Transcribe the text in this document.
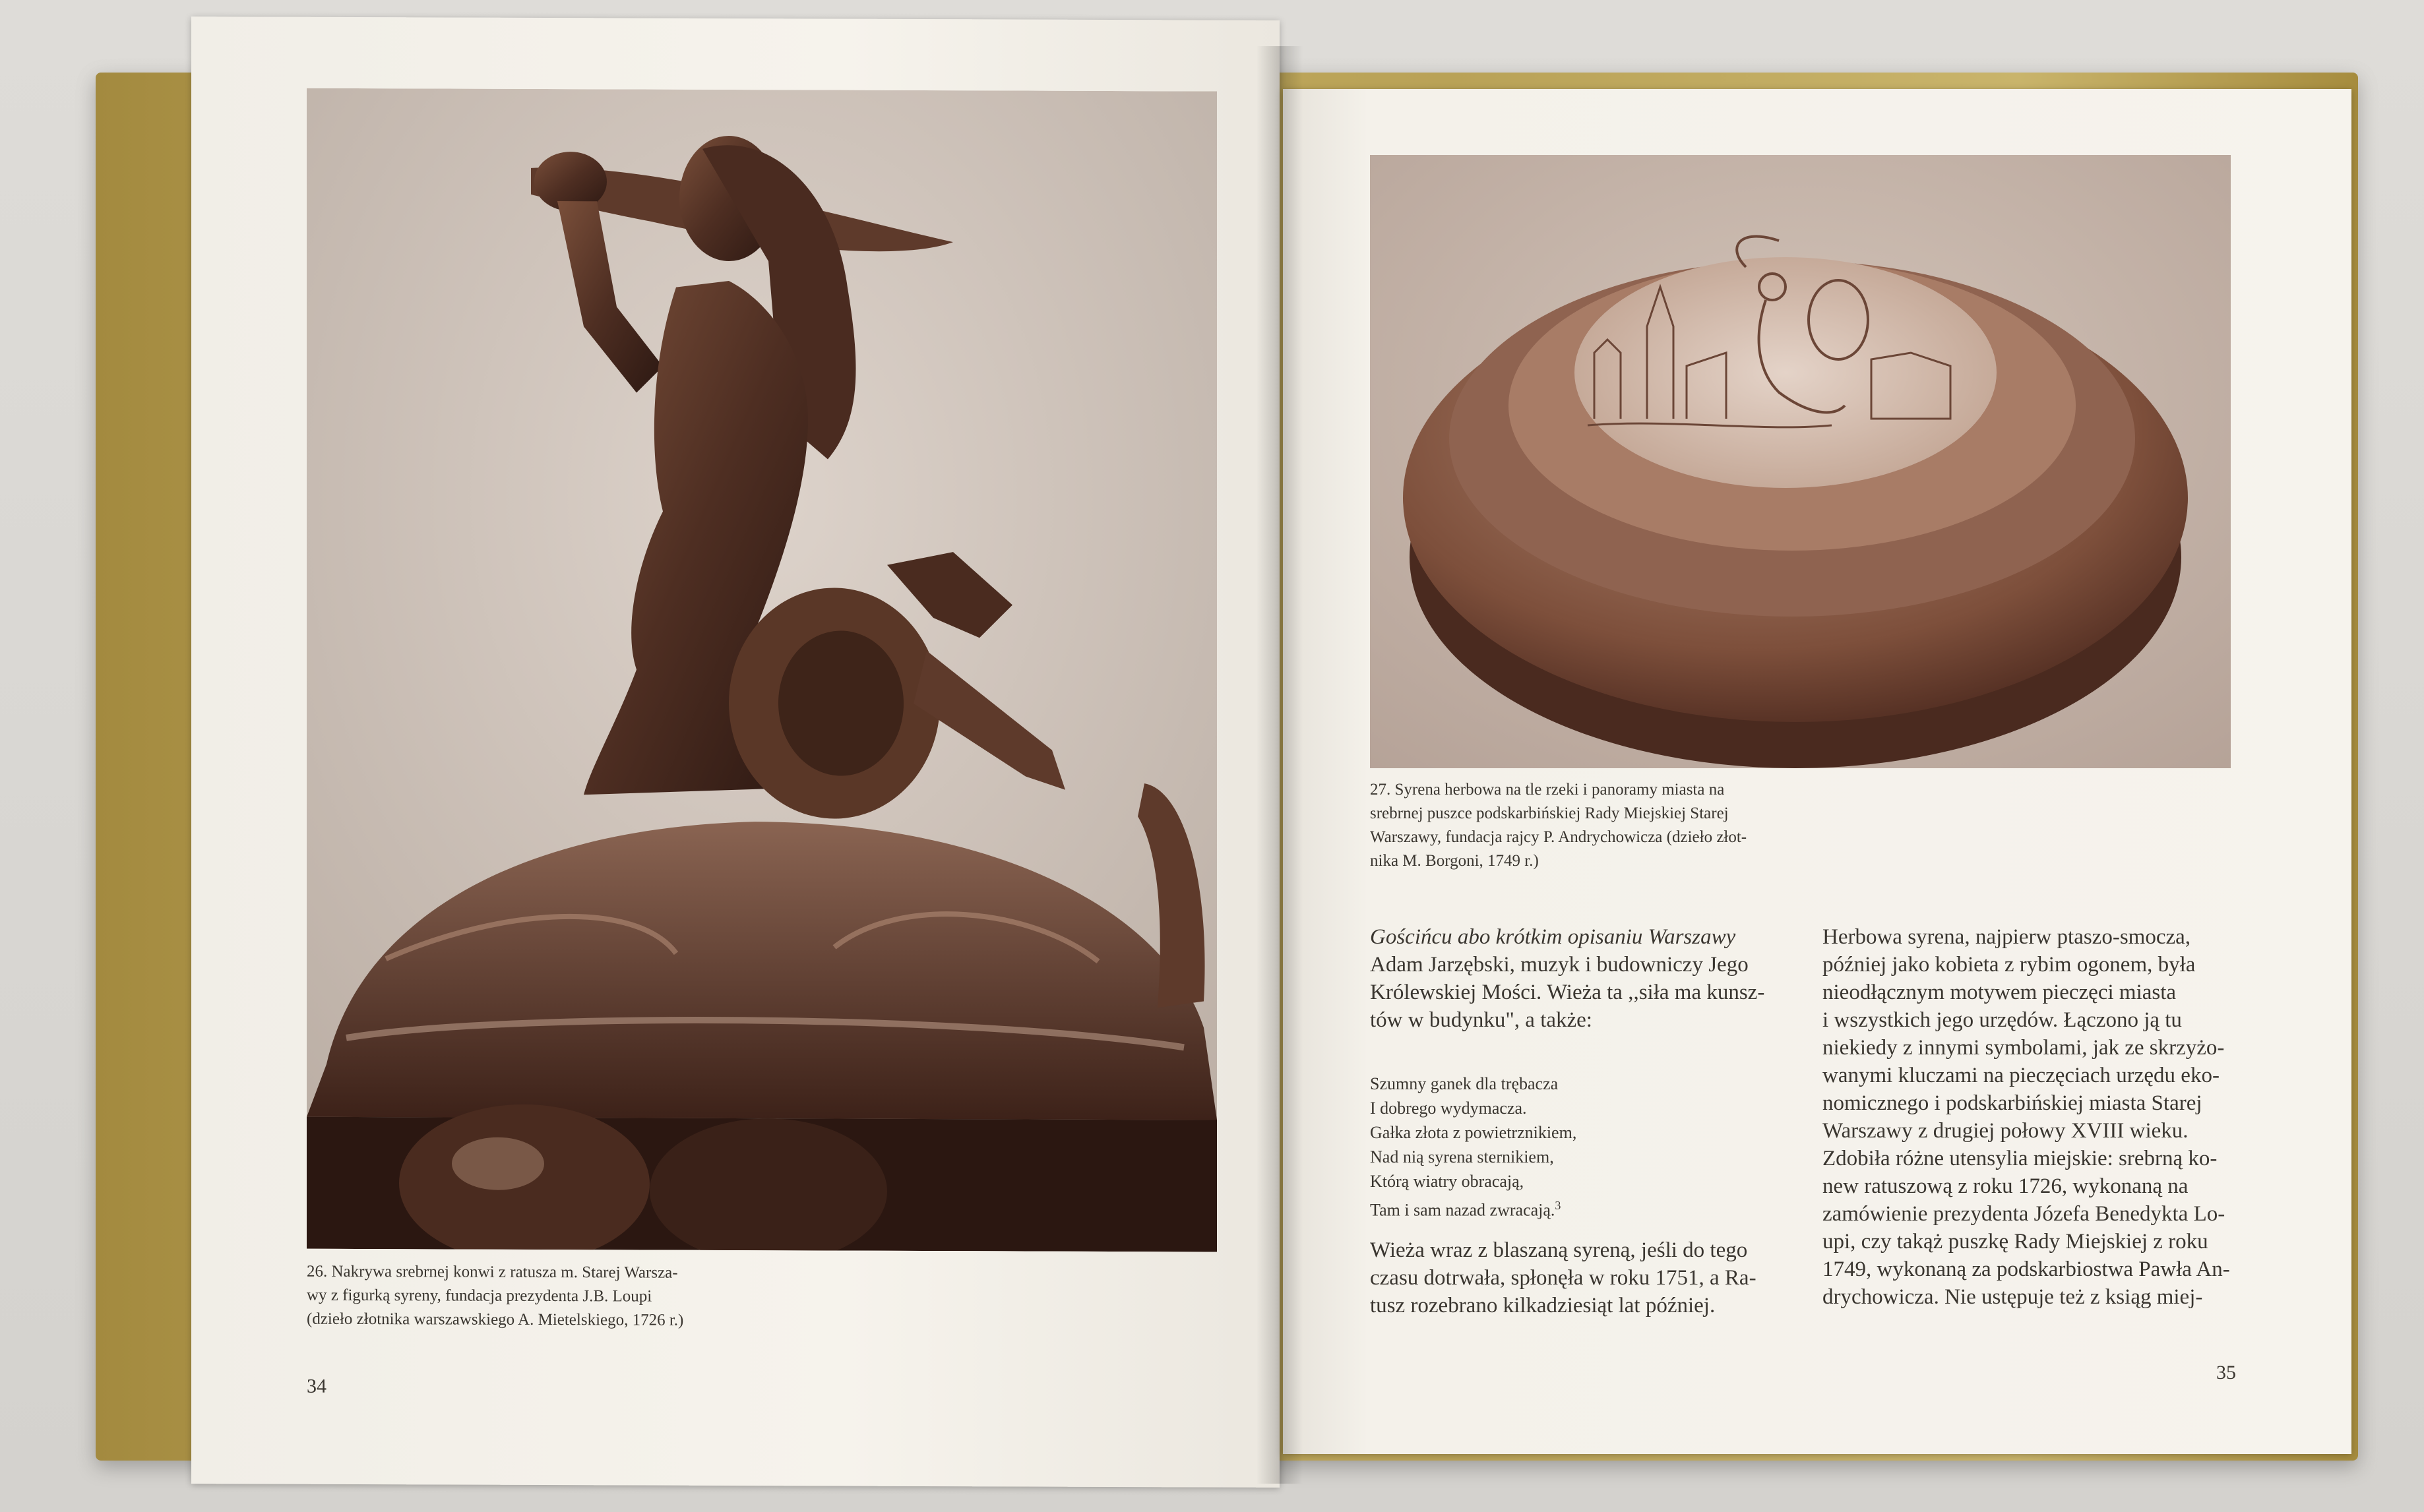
26. Nakrywa srebrnej konwi z ratusza m. Starej Warsza-
wy z figurką syreny, fundacja prezydenta J.B. Loupi
(dzieło złotnika warszawskiego A. Mietelskiego, 1726 r.)
34
27. Syrena herbowa na tle rzeki i panoramy miasta na
srebrnej puszce podskarbińskiej Rady Miejskiej Starej
Warszawy, fundacja rajcy P. Andrychowicza (dzieło złot-
nika M. Borgoni, 1749 r.)
Gościńcu abo krótkim opisaniu Warszawy
Adam Jarzębski, muzyk i budowniczy Jego
Królewskiej Mości. Wieża ta ,,siła ma kunsz-
tów w budynku", a także:
Szumny ganek dla trębacza
I dobrego wydymacza.
Gałka złota z powietrznikiem,
Nad nią syrena sternikiem,
Którą wiatry obracają,
Tam i sam nazad zwracają.$^3$
Wieża wraz z blaszaną syreną, jeśli do tego
czasu dotrwała, spłonęła w roku 1751, a Ra-
tusz rozebrano kilkadziesiąt lat później.
Herbowa syrena, najpierw ptaszo-smocza,
później jako kobieta z rybim ogonem, była
nieodłącznym motywem pieczęci miasta
i wszystkich jego urzędów. Łączono ją tu
niekiedy z innymi symbolami, jak ze skrzyżo-
wanymi kluczami na pieczęciach urzędu eko-
nomicznego i podskarbińskiej miasta Starej
Warszawy z drugiej połowy XVIII wieku.
Zdobiła różne utensylia miejskie: srebrną ko-
new ratuszową z roku 1726, wykonaną na
zamówienie prezydenta Józefa Benedykta Lo-
upi, czy takąż puszkę Rady Miejskiej z roku
1749, wykonaną za podskarbiostwa Pawła An-
drychowicza. Nie ustępuje też z ksiąg miej-
35
